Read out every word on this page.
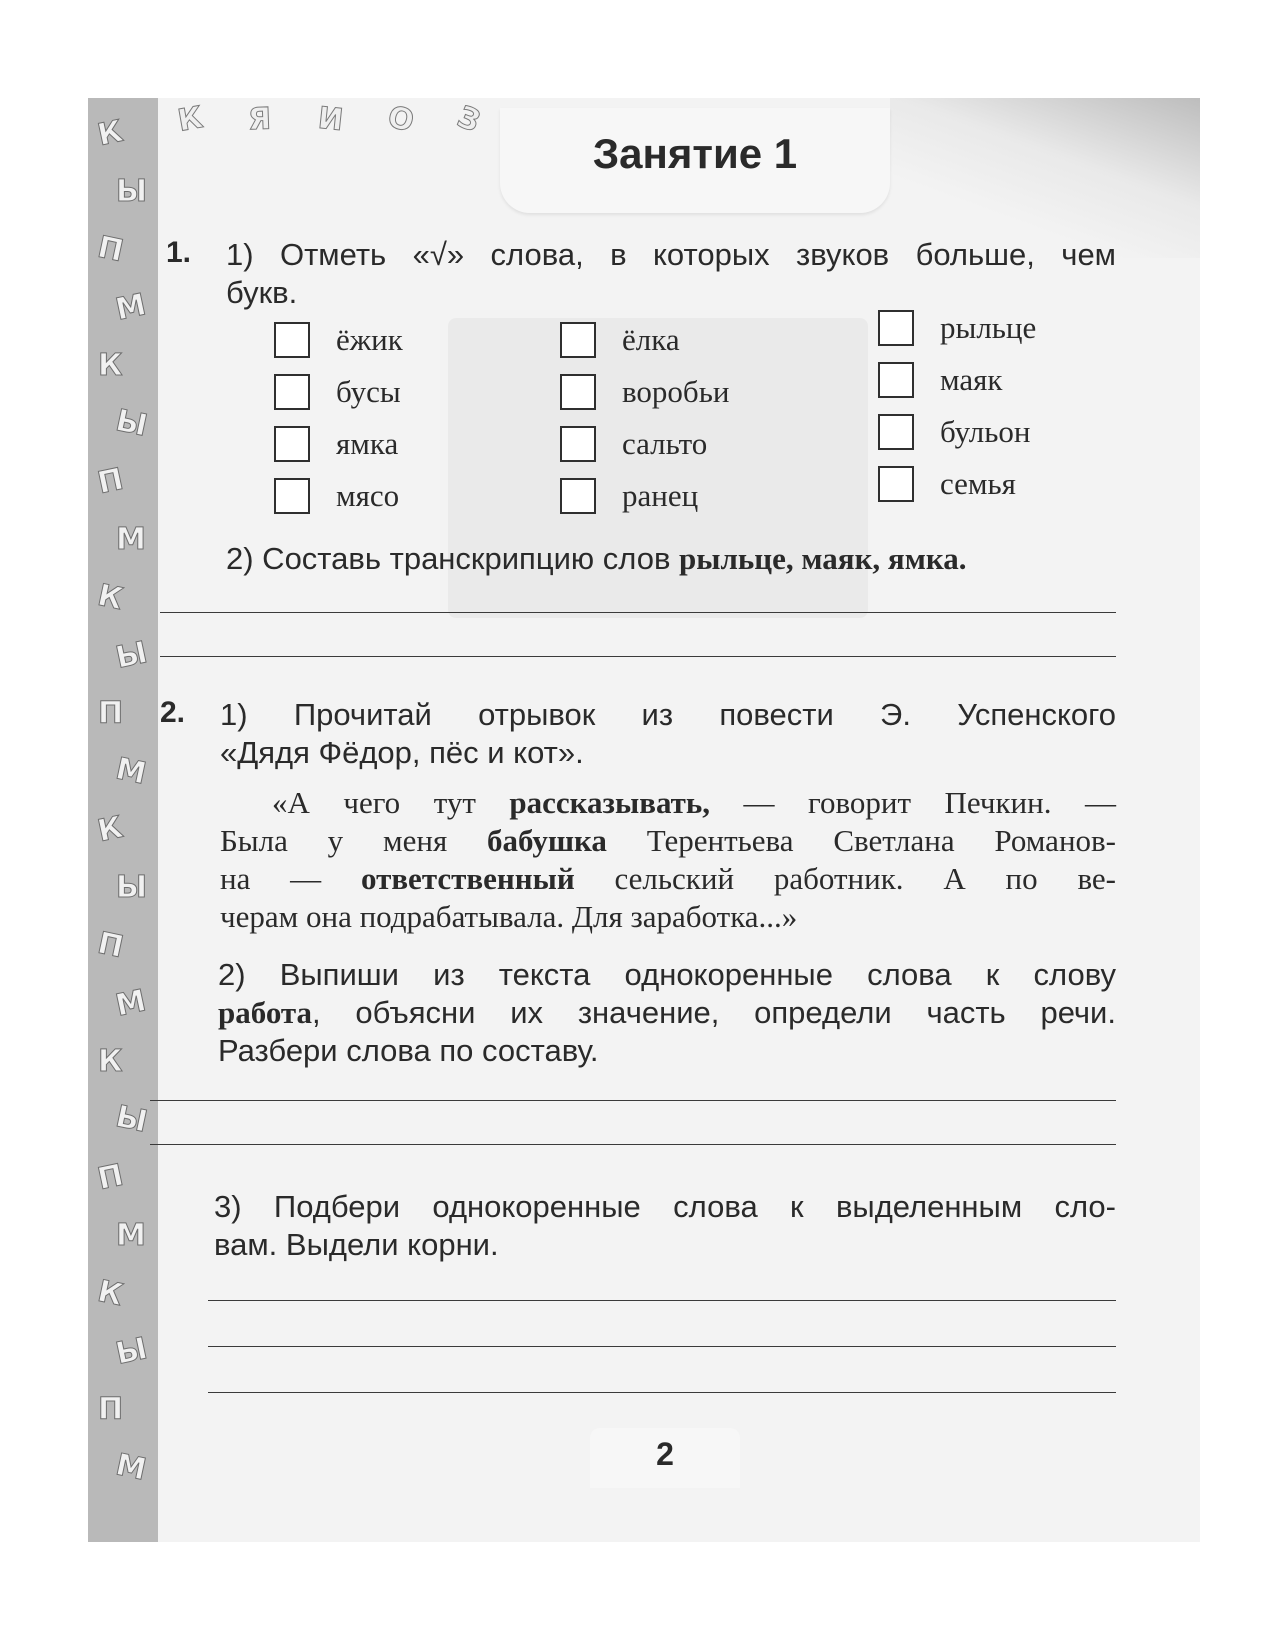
К
Ы
П
М
К
Ы
П
М
К
Ы
П
М
К
Ы
П
М
К
Ы
П
М
К
Ы
П
М
К Я И О З
Занятие 1
1. 1) Отметь «√» слова, в которых звуков больше, чем
букв.
ёжик
бусы
ямка
мясо
ёлка
воробьи
сальто
ранец
рыльце
маяк
бульон
семья
2) Составь транскрипцию слов рыльце, маяк, ямка.
2. 1) Прочитай отрывок из повести Э. Успенского
«Дядя Фёдор, пёс и кот».
«А чего тут рассказывать, — говорит Печкин. —
Была у меня бабушка Терентьева Светлана Романов-
на — ответственный сельский работник. А по ве-
черам она подрабатывала. Для заработка...»
2) Выпиши из текста однокоренные слова к слову
работа, объясни их значение, определи часть речи.
Разбери слова по составу.
3) Подбери однокоренные слова к выделенным сло-
вам. Выдели корни.
2
